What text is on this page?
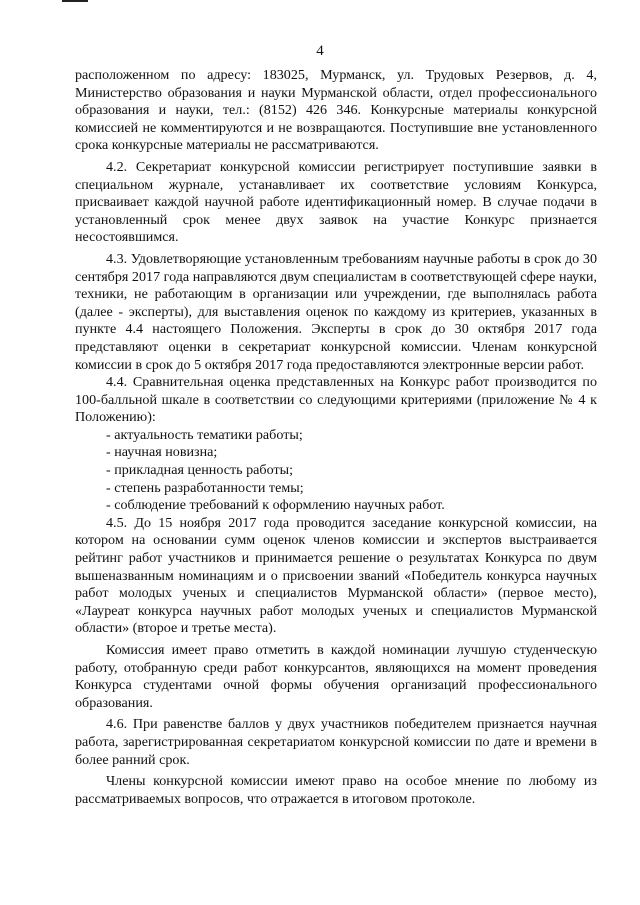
4

расположенном по адресу: 183025, Мурманск, ул. Трудовых Резервов, д. 4, Министерство образования и науки Мурманской области, отдел профессионального образования и науки, тел.: (8152) 426 346. Конкурсные материалы конкурсной комиссией не комментируются и не возвращаются. Поступившие вне установленного срока конкурсные материалы не рассматриваются.

4.2. Секретариат конкурсной комиссии регистрирует поступившие заявки в специальном журнале, устанавливает их соответствие условиям Конкурса, присваивает каждой научной работе идентификационный номер. В случае подачи в установленный срок менее двух заявок на участие Конкурс признается несостоявшимся.

4.3. Удовлетворяющие установленным требованиям научные работы в срок до 30 сентября 2017 года направляются двум специалистам в соответствующей сфере науки, техники, не работающим в организации или учреждении, где выполнялась работа (далее - эксперты), для выставления оценок по каждому из критериев, указанных в пункте 4.4 настоящего Положения. Эксперты в срок до 30 октября 2017 года представляют оценки в секретариат конкурсной комиссии. Членам конкурсной комиссии в срок до 5 октября 2017 года предоставляются электронные версии работ.

4.4. Сравнительная оценка представленных на Конкурс работ производится по 100-балльной шкале в соответствии со следующими критериями (приложение № 4 к Положению):

- актуальность тематики работы;

- научная новизна;

- прикладная ценность работы;

- степень разработанности темы;

- соблюдение требований к оформлению научных работ.

4.5. До 15 ноября 2017 года проводится заседание конкурсной комиссии, на котором на основании сумм оценок членов комиссии и экспертов выстраивается рейтинг работ участников и принимается решение о результатах Конкурса по двум вышеназванным номинациям и о присвоении званий «Победитель конкурса научных работ молодых ученых и специалистов Мурманской области» (первое место), «Лауреат конкурса научных работ молодых ученых и специалистов Мурманской области» (второе и третье места).

Комиссия имеет право отметить в каждой номинации лучшую студенческую работу, отобранную среди работ конкурсантов, являющихся на момент проведения Конкурса студентами очной формы обучения организаций профессионального образования.

4.6. При равенстве баллов у двух участников победителем признается научная работа, зарегистрированная секретариатом конкурсной комиссии по дате и времени в более ранний срок.

Члены конкурсной комиссии имеют право на особое мнение по любому из рассматриваемых вопросов, что отражается в итоговом протоколе.
